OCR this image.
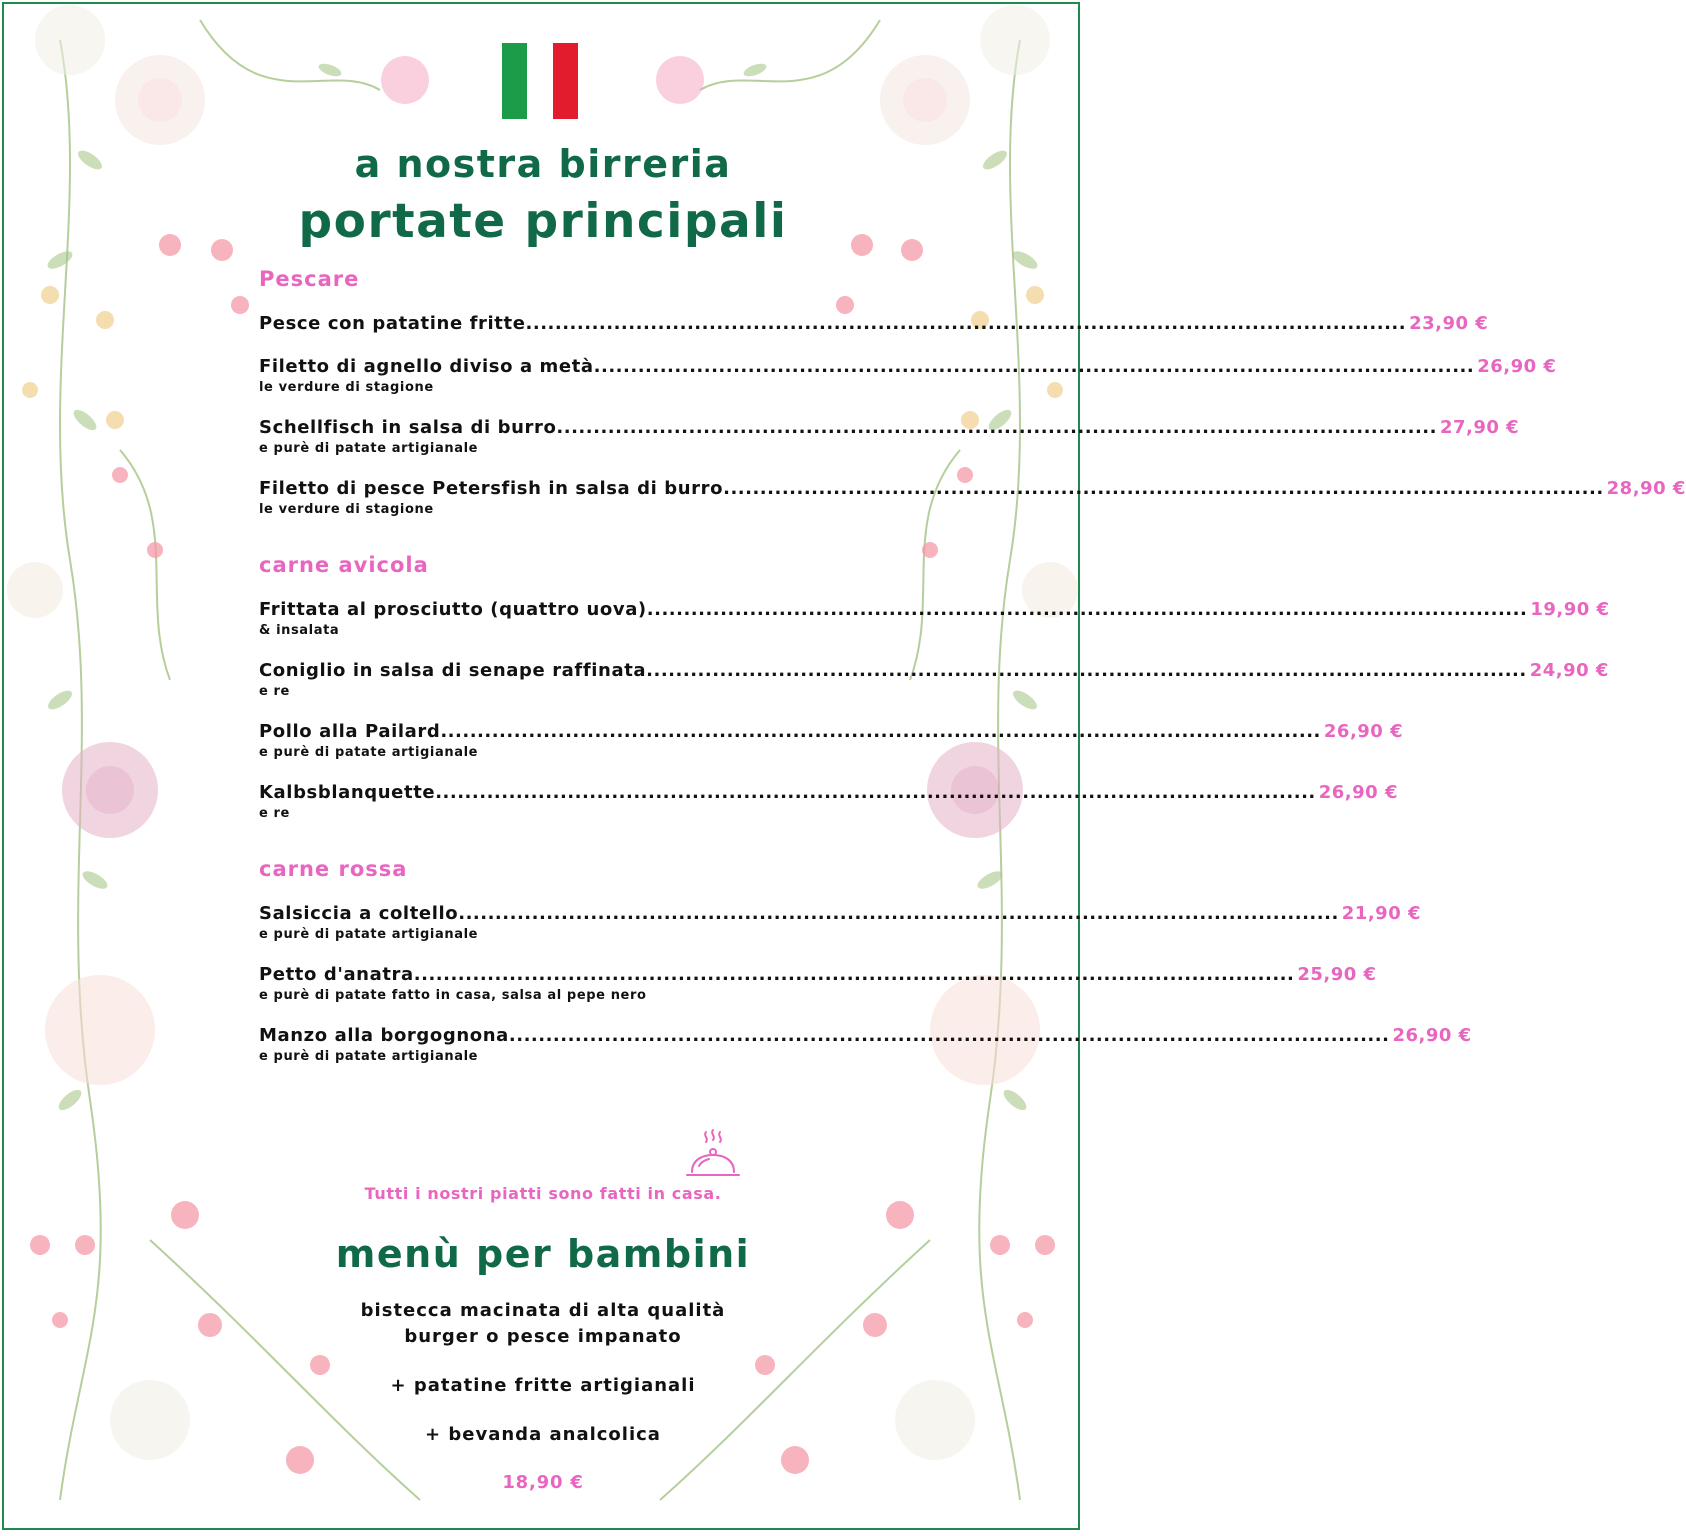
a nostra birreria
portate principali
Pescare
Pesce con patatine fritte ........................................................................................................................ 23,90 €
Filetto di agnello diviso a metà ........................................................................................................................ 26,90 €
le verdure di stagione
Schellfisch in salsa di burro ........................................................................................................................ 27,90 €
e purè di patate artigianale
Filetto di pesce Petersfish in salsa di burro ........................................................................................................................ 28,90 €
le verdure di stagione
carne avicola
Frittata al prosciutto (quattro uova) ........................................................................................................................ 19,90 €
& insalata
Coniglio in salsa di senape raffinata ........................................................................................................................ 24,90 €
e re
Pollo alla Pailard ........................................................................................................................ 26,90 €
e purè di patate artigianale
Kalbsblanquette ........................................................................................................................ 26,90 €
e re
carne rossa
Salsiccia a coltello ........................................................................................................................ 21,90 €
e purè di patate artigianale
Petto d'anatra ........................................................................................................................ 25,90 €
e purè di patate fatto in casa, salsa al pepe nero
Manzo alla borgognona ........................................................................................................................ 26,90 €
e purè di patate artigianale
Tutti i nostri piatti sono fatti in casa.
menù per bambini
bistecca macinata di alta qualità
burger o pesce impanato
+ patatine fritte artigianali
+ bevanda analcolica
18,90 €
